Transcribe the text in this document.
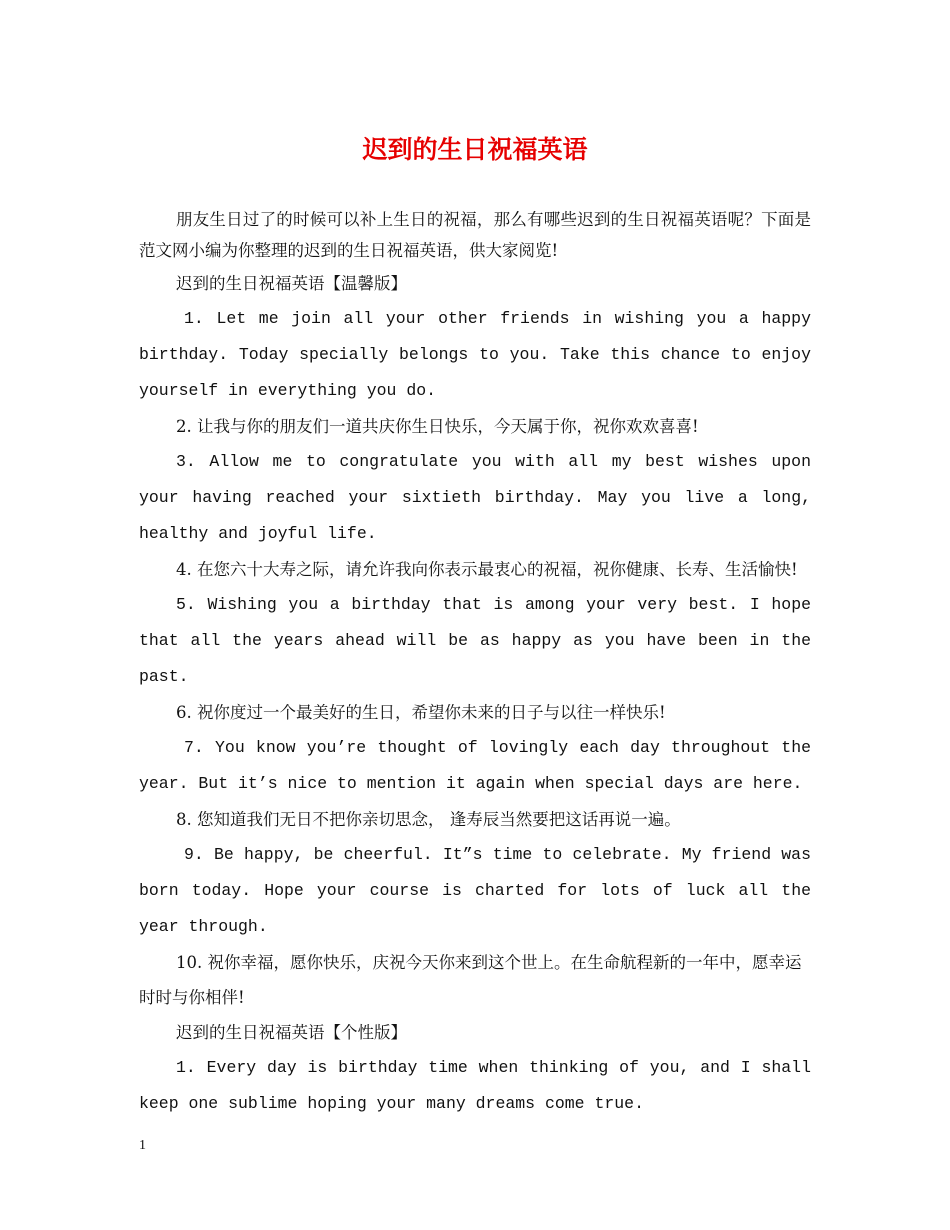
迟到的生日祝福英语

朋友生日过了的时候可以补上生日的祝福，那么有哪些迟到的生日祝福英语呢？下面是范文网小编为你整理的迟到的生日祝福英语，供大家阅览!

迟到的生日祝福英语【温馨版】

1. Let me join all your other friends in wishing you a happy birthday. Today specially belongs to you. Take this chance to enjoy yourself in everything you do.

2. 让我与你的朋友们一道共庆你生日快乐，今天属于你，祝你欢欢喜喜!

3. Allow me to congratulate you with all my best wishes upon your having reached your sixtieth birthday. May you live a long, healthy and joyful life.

4. 在您六十大寿之际，请允许我向你表示最衷心的祝福，祝你健康、长寿、生活愉快!

5. Wishing you a birthday that is among your very best. I hope that all the years ahead will be as happy as you have been in the past.

6. 祝你度过一个最美好的生日，希望你未来的日子与以往一样快乐!

7. You know you’re thought of lovingly each day throughout the year. But it’s nice to mention it again when special days are here.

8. 您知道我们无日不把你亲切思念， 逢寿辰当然要把这话再说一遍。

9. Be happy, be cheerful. It”s time to celebrate. My friend was born today. Hope your course is charted for lots of luck all the year through.

10. 祝你幸福，愿你快乐，庆祝今天你来到这个世上。在生命航程新的一年中，愿幸运时时与你相伴!

迟到的生日祝福英语【个性版】

1. Every day is birthday time when thinking of you, and I shall keep one sublime hoping your many dreams come true.

1
